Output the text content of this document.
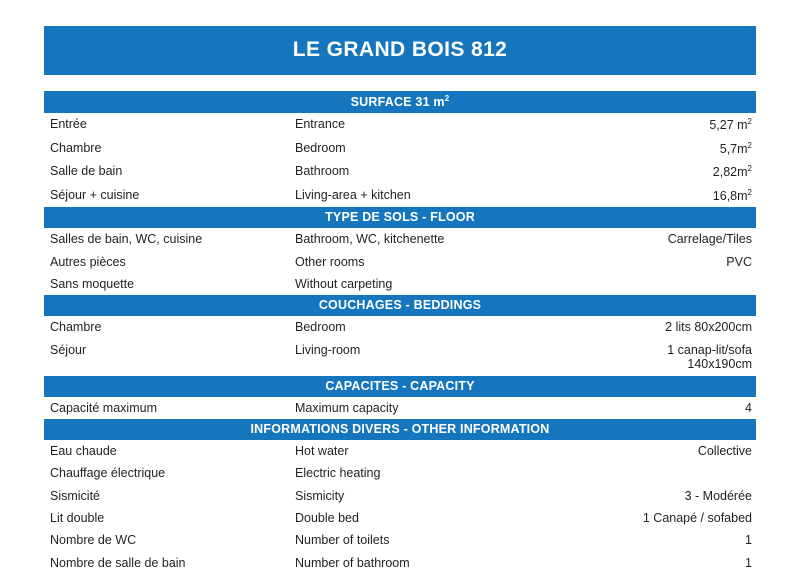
LE GRAND BOIS 812
SURFACE 31 $m^2$
Entrée	Entrance	5,27 $m^2$
Chambre	Bedroom	$5,7m^2$
Salle de bain	Bathroom	$2,82m^2$
Séjour + cuisine	Living-area + kitchen	$16,8m^2$
TYPE DE SOLS - FLOOR
Salles de bain, WC, cuisine	Bathroom, WC, kitchenette	Carrelage/Tiles
Autres pièces	Other rooms	PVC
Sans moquette	Without carpeting	
COUCHAGES - BEDDINGS
Chambre	Bedroom	2 lits 80x200cm
Séjour	Living-room	1 canap-lit/sofa 140x190cm
CAPACITES - CAPACITY
Capacité maximum	Maximum capacity	4
INFORMATIONS DIVERS - OTHER INFORMATION
Eau chaude	Hot water	Collective
Chauffage électrique	Electric heating	
Sismicité	Sismicity	3 - Modérée
Lit double	Double bed	1 Canapé / sofabed
Nombre de WC	Number of toilets	1
Nombre de salle de bain	Number of bathroom	1
